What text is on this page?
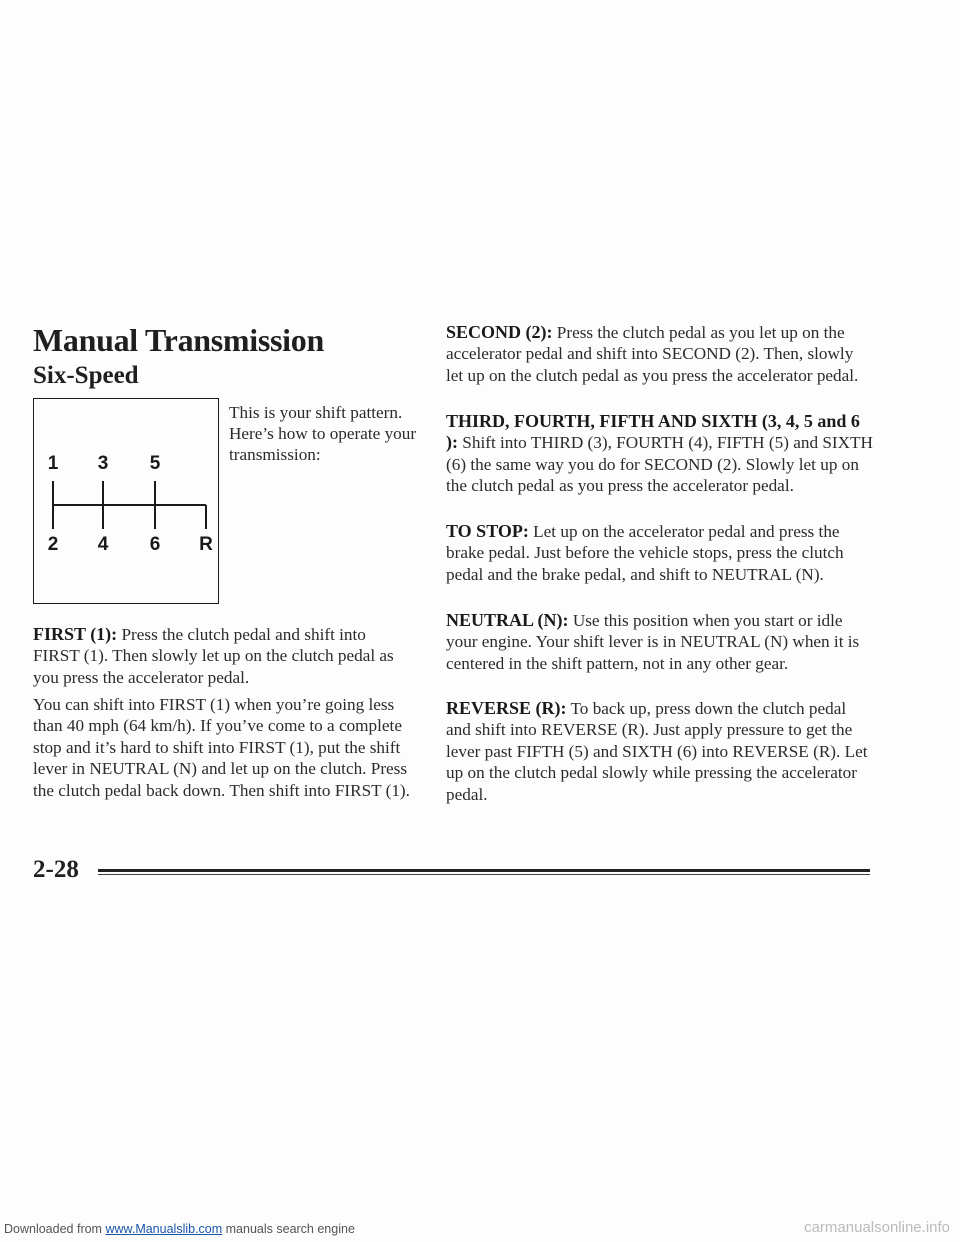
Manual Transmission
Six-Speed
1 3 5
2 4 6 R

This is your shift pattern. Here’s how to operate your transmission:

FIRST (1): Press the clutch pedal and shift into FIRST (1). Then slowly let up on the clutch pedal as you press the accelerator pedal.

You can shift into FIRST (1) when you’re going less than 40 mph (64 km/h). If you’ve come to a complete stop and it’s hard to shift into FIRST (1), put the shift lever in NEUTRAL (N) and let up on the clutch. Press the clutch pedal back down. Then shift into FIRST (1).

SECOND (2): Press the clutch pedal as you let up on the accelerator pedal and shift into SECOND (2). Then, slowly let up on the clutch pedal as you press the accelerator pedal.

THIRD, FOURTH, FIFTH AND SIXTH (3, 4, 5 and 6 ): Shift into THIRD (3), FOURTH (4), FIFTH (5) and SIXTH (6) the same way you do for SECOND (2). Slowly let up on the clutch pedal as you press the accelerator pedal.

TO STOP: Let up on the accelerator pedal and press the brake pedal. Just before the vehicle stops, press the clutch pedal and the brake pedal, and shift to NEUTRAL (N).

NEUTRAL (N): Use this position when you start or idle your engine. Your shift lever is in NEUTRAL (N) when it is centered in the shift pattern, not in any other gear.

REVERSE (R): To back up, press down the clutch pedal and shift into REVERSE (R). Just apply pressure to get the lever past FIFTH (5) and SIXTH (6) into REVERSE (R). Let up on the clutch pedal slowly while pressing the accelerator pedal.

2-28

Downloaded from www.Manualslib.com manuals search engine	carmanualsonline.info
